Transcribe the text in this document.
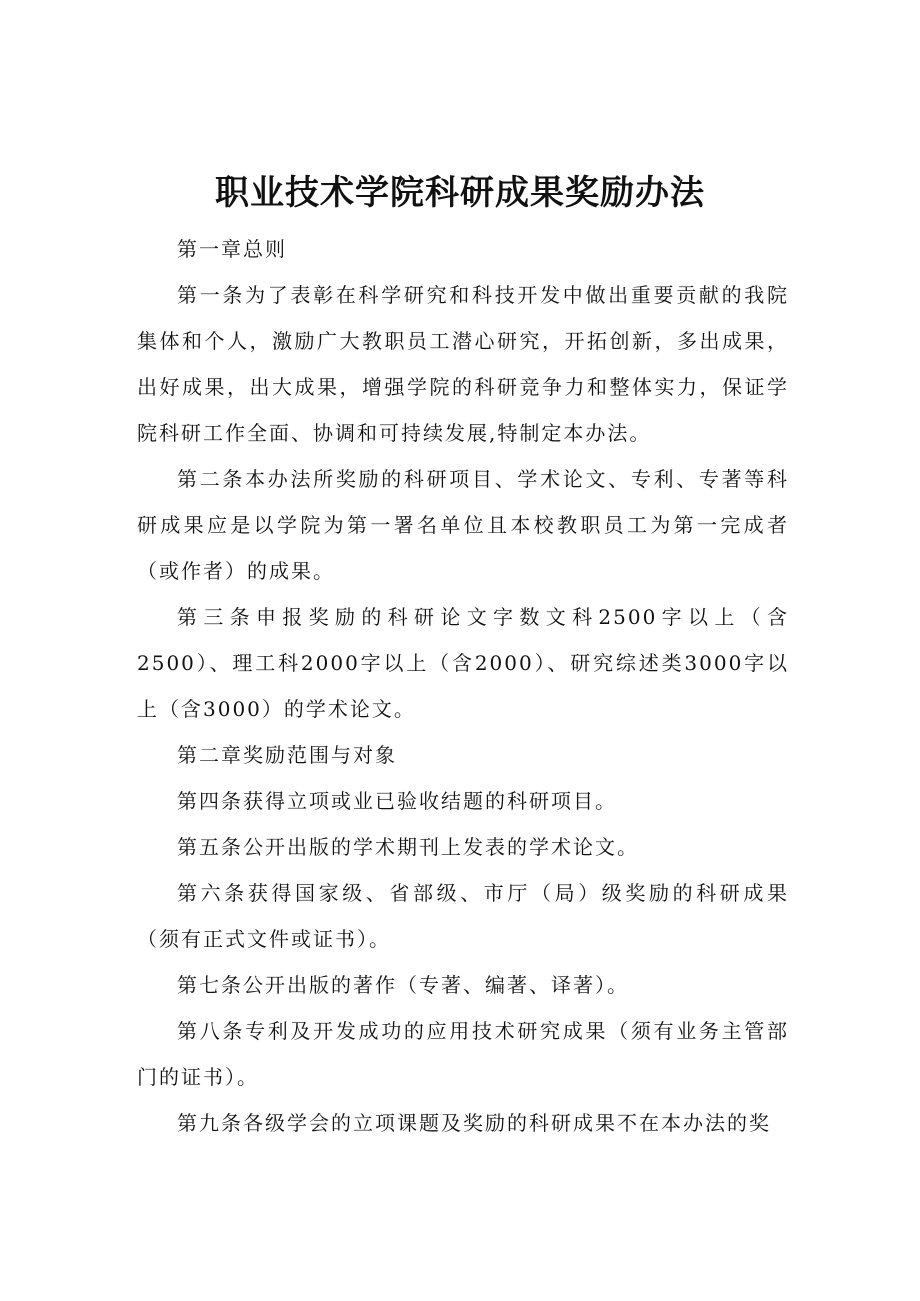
职业技术学院科研成果奖励办法

第一章总则

第一条为了表彰在科学研究和科技开发中做出重要贡献的我院集体和个人，激励广大教职员工潜心研究，开拓创新，多出成果，出好成果，出大成果，增强学院的科研竞争力和整体实力，保证学院科研工作全面、协调和可持续发展,特制定本办法。

第二条本办法所奖励的科研项目、学术论文、专利、专著等科研成果应是以学院为第一署名单位且本校教职员工为第一完成者（或作者）的成果。

第三条申报奖励的科研论文字数文科2500字以上（含2500）、理工科2000字以上（含2000）、研究综述类3000字以上（含3000）的学术论文。

第二章奖励范围与对象

第四条获得立项或业已验收结题的科研项目。

第五条公开出版的学术期刊上发表的学术论文。

第六条获得国家级、省部级、市厅（局）级奖励的科研成果（须有正式文件或证书）。

第七条公开出版的著作（专著、编著、译著）。

第八条专利及开发成功的应用技术研究成果（须有业务主管部门的证书）。

第九条各级学会的立项课题及奖励的科研成果不在本办法的奖
